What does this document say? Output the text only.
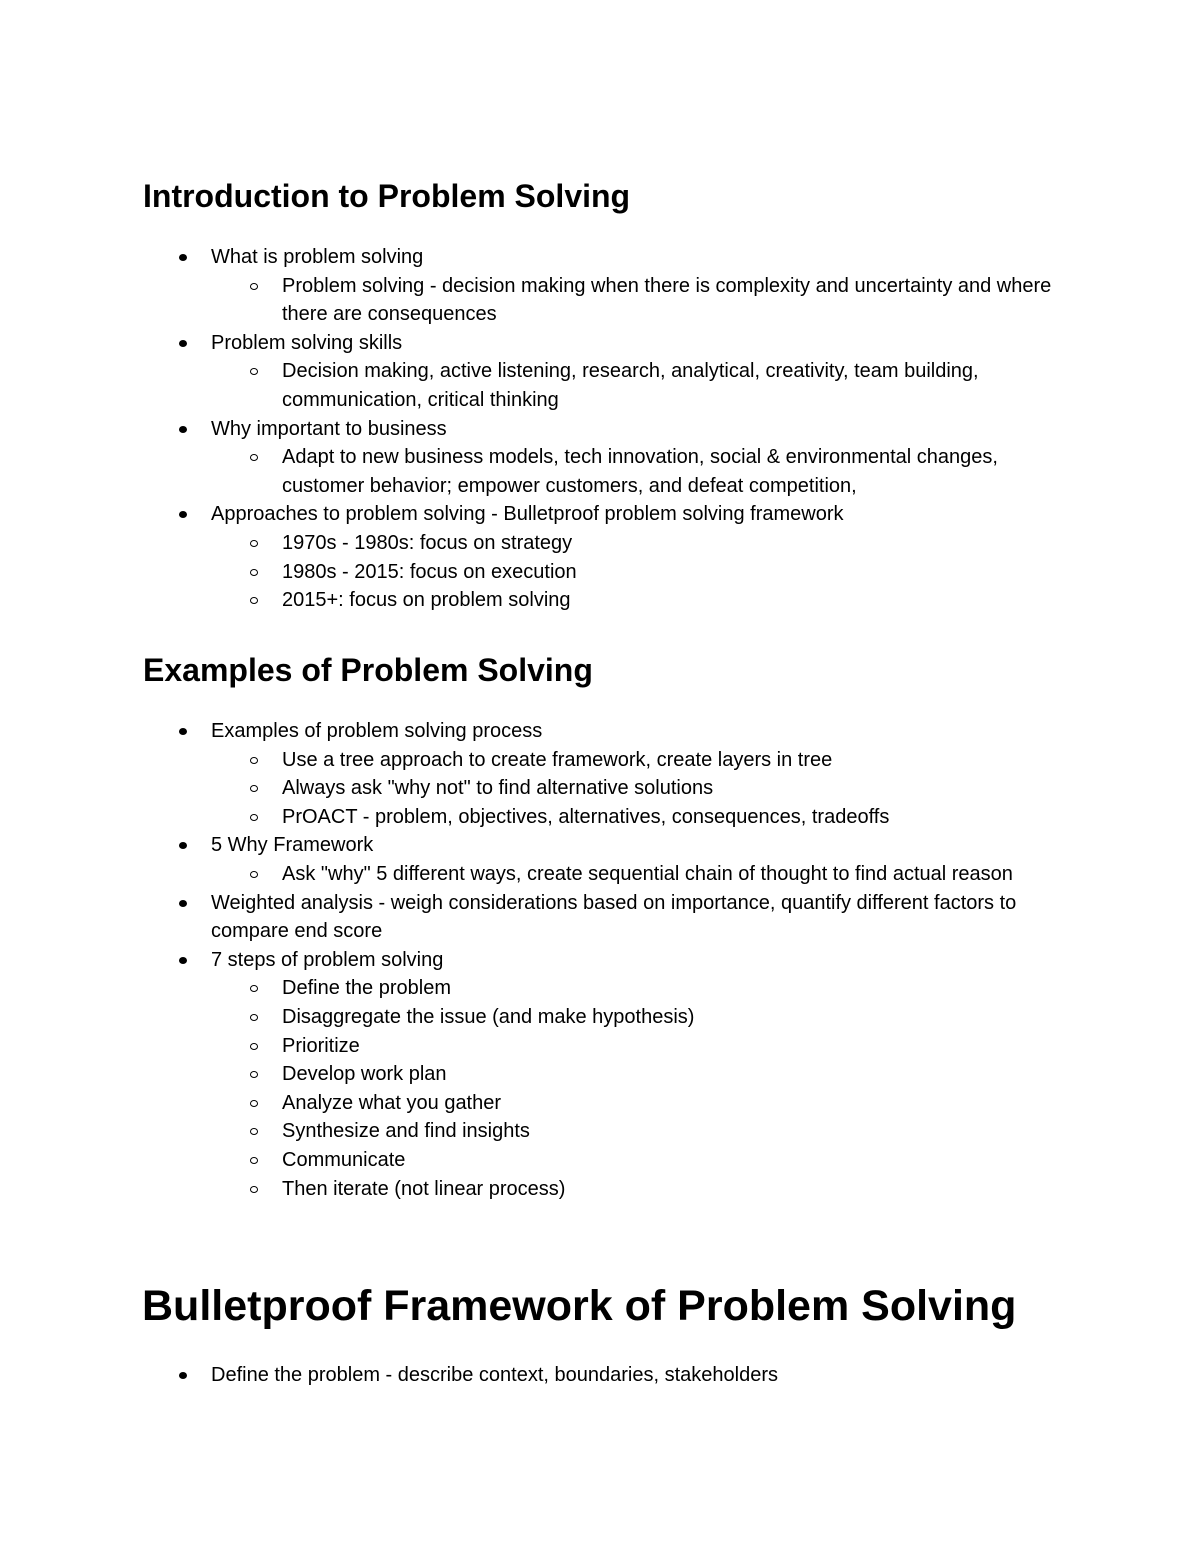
Introduction to Problem Solving
What is problem solving
Problem solving - decision making when there is complexity and uncertainty and where there are consequences
Problem solving skills
Decision making, active listening, research, analytical, creativity, team building, communication, critical thinking
Why important to business
Adapt to new business models, tech innovation, social & environmental changes, customer behavior; empower customers, and defeat competition,
Approaches to problem solving - Bulletproof problem solving framework
1970s - 1980s: focus on strategy
1980s - 2015: focus on execution
2015+: focus on problem solving
Examples of Problem Solving
Examples of problem solving process
Use a tree approach to create framework, create layers in tree
Always ask "why not" to find alternative solutions
PrOACT - problem, objectives, alternatives, consequences, tradeoffs
5 Why Framework
Ask "why" 5 different ways, create sequential chain of thought to find actual reason
Weighted analysis - weigh considerations based on importance, quantify different factors to compare end score
7 steps of problem solving
Define the problem
Disaggregate the issue (and make hypothesis)
Prioritize
Develop work plan
Analyze what you gather
Synthesize and find insights
Communicate
Then iterate (not linear process)
Bulletproof Framework of Problem Solving
Define the problem - describe context, boundaries, stakeholders
